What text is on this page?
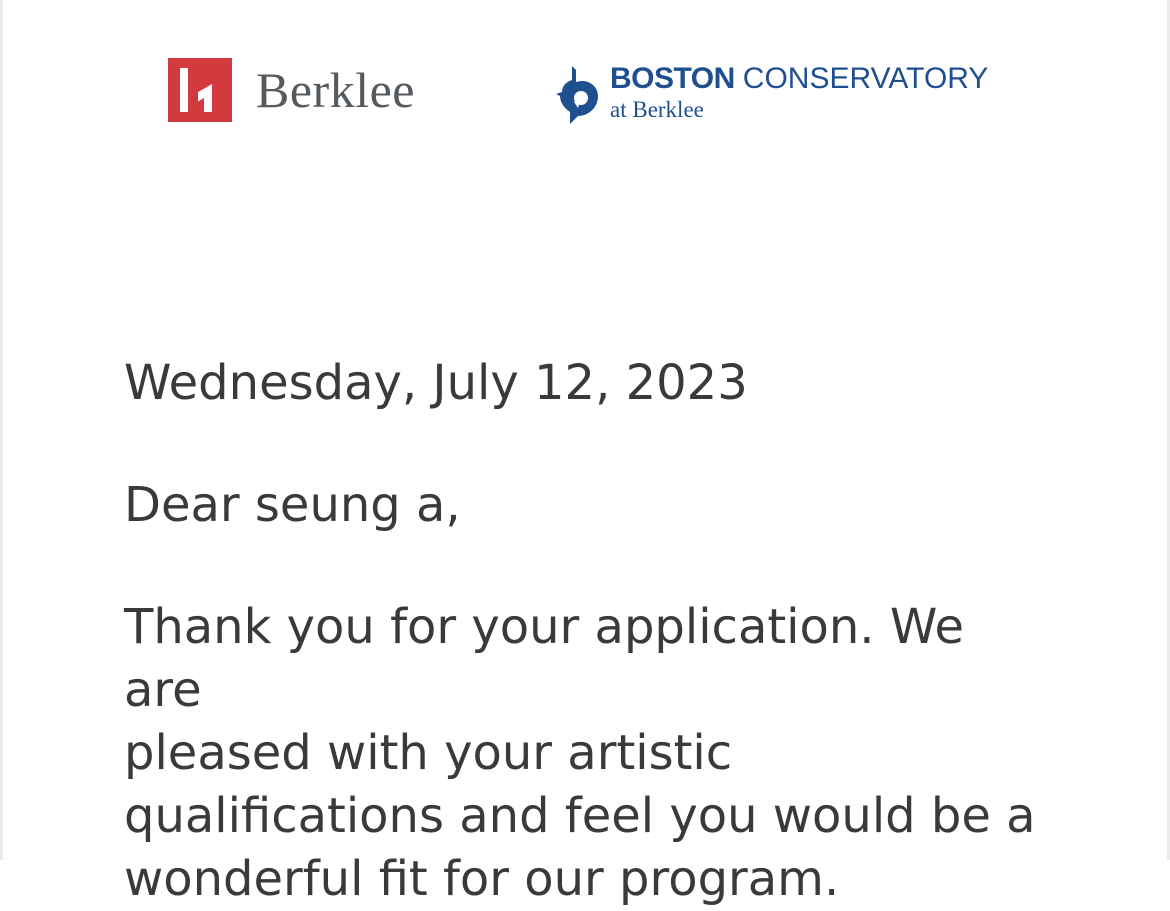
Berklee	BOSTON CONSERVATORY
at Berklee

Wednesday, July 12, 2023

Dear seung a,

Thank you for your application. We are
pleased with your artistic
qualifications and feel you would be a
wonderful fit for our program.
